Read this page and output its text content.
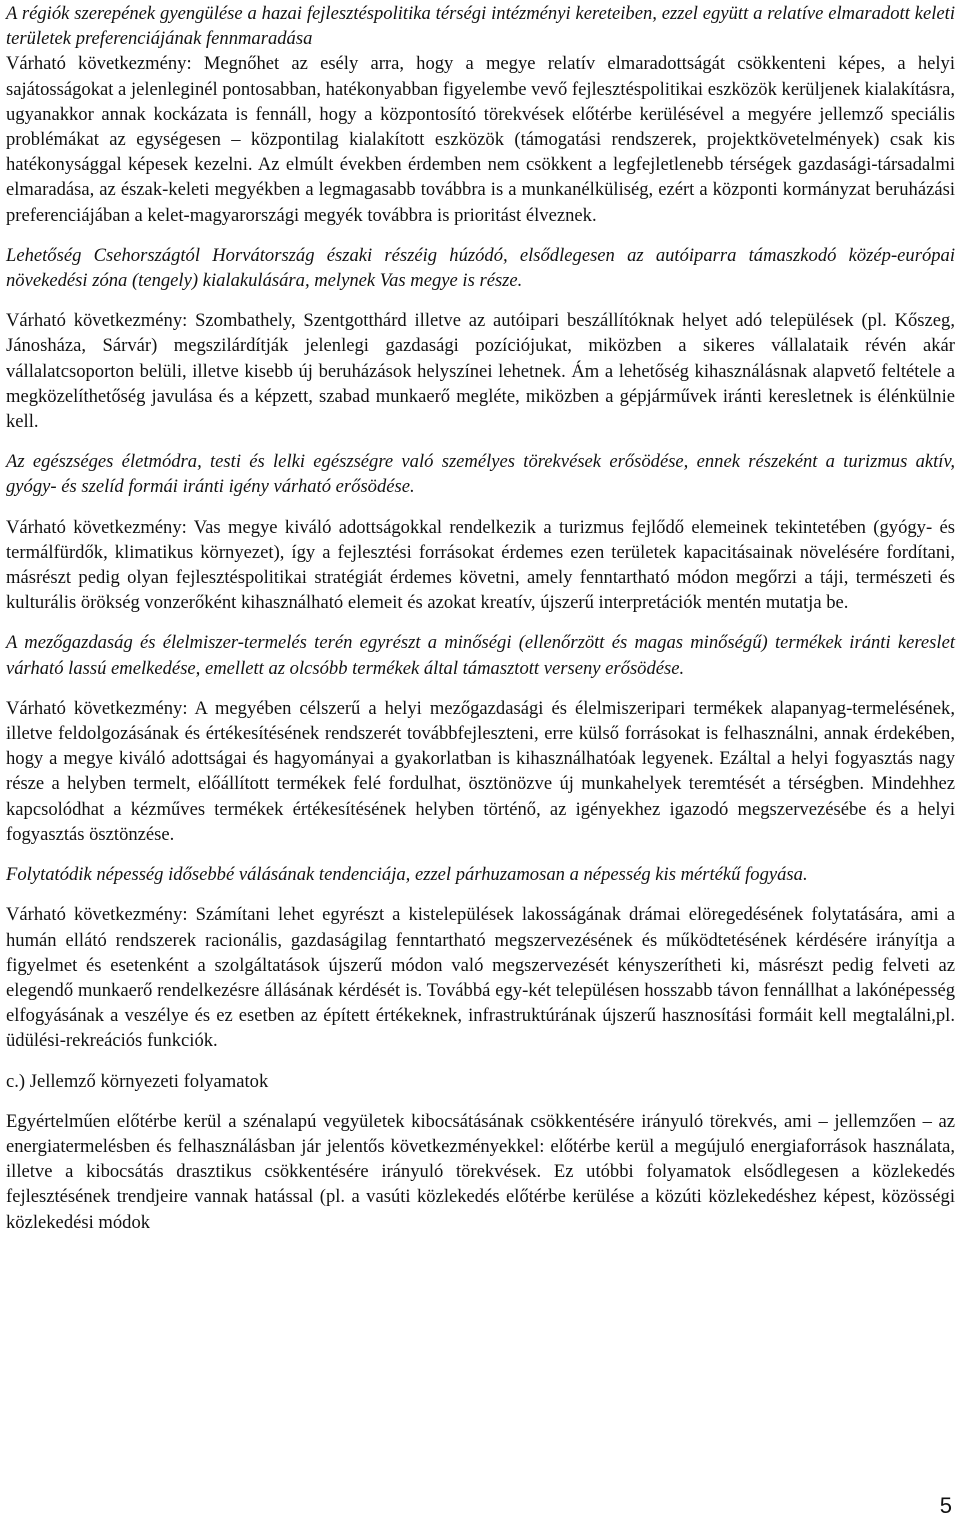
A régiók szerepének gyengülése a hazai fejlesztéspolitika térségi intézményi kereteiben, ezzel együtt a relatíve elmaradott keleti területek preferenciájának fennmaradása

Várható következmény: Megnőhet az esély arra, hogy a megye relatív elmaradottságát csökkenteni képes, a helyi sajátosságokat a jelenleginél pontosabban, hatékonyabban figyelembe vevő fejlesztéspolitikai eszközök kerüljenek kialakításra, ugyanakkor annak kockázata is fennáll, hogy a központosító törekvések előtérbe kerülésével a megyére jellemző speciális problémákat az egységesen – központilag kialakított eszközök (támogatási rendszerek, projektkövetelmények) csak kis hatékonysággal képesek kezelni. Az elmúlt években érdemben nem csökkent a legfejletlenebb térségek gazdasági-társadalmi elmaradása, az észak-keleti megyékben a legmagasabb továbbra is a munkanélküliség, ezért a központi kormányzat beruházási preferenciájában a kelet-magyarországi megyék továbbra is prioritást élveznek.

Lehetőség Csehországtól Horvátország északi részéig húzódó, elsődlegesen az autóiparra támaszkodó közép-európai növekedési zóna (tengely) kialakulására, melynek Vas megye is része.

Várható következmény: Szombathely, Szentgotthárd illetve az autóipari beszállítóknak helyet adó települések (pl. Kőszeg, Jánosháza, Sárvár) megszilárdítják jelenlegi gazdasági pozíciójukat, miközben a sikeres vállalataik révén akár vállalatcsoporton belüli, illetve kisebb új beruházások helyszínei lehetnek. Ám a lehetőség kihasználásnak alapvető feltétele a megközelíthetőség javulása és a képzett, szabad munkaerő megléte, miközben a gépjárművek iránti keresletnek is élénkülnie kell.

Az egészséges életmódra, testi és lelki egészségre való személyes törekvések erősödése, ennek részeként a turizmus aktív, gyógy- és szelíd formái iránti igény várható erősödése.

Várható következmény: Vas megye kiváló adottságokkal rendelkezik a turizmus fejlődő elemeinek tekintetében (gyógy- és termálfürdők, klimatikus környezet), így a fejlesztési forrásokat érdemes ezen területek kapacitásainak növelésére fordítani, másrészt pedig olyan fejlesztéspolitikai stratégiát érdemes követni, amely fenntartható módon megőrzi a táji, természeti és kulturális örökség vonzerőként kihasználható elemeit és azokat kreatív, újszerű interpretációk mentén mutatja be.

A mezőgazdaság és élelmiszer-termelés terén egyrészt a minőségi (ellenőrzött és magas minőségű) termékek iránti kereslet várható lassú emelkedése, emellett az olcsóbb termékek által támasztott verseny erősödése.

Várható következmény: A megyében célszerű a helyi mezőgazdasági és élelmiszeripari termékek alapanyag-termelésének, illetve feldolgozásának és értékesítésének rendszerét továbbfejleszteni, erre külső forrásokat is felhasználni, annak érdekében, hogy a megye kiváló adottságai és hagyományai a gyakorlatban is kihasználhatóak legyenek. Ezáltal a helyi fogyasztás nagy része a helyben termelt, előállított termékek felé fordulhat, ösztönözve új munkahelyek teremtését a térségben. Mindehhez kapcsolódhat a kézműves termékek értékesítésének helyben történő, az igényekhez igazodó megszervezésébe és a helyi fogyasztás ösztönzése.

Folytatódik népesség idősebbé válásának tendenciája, ezzel párhuzamosan a népesség kis mértékű fogyása.

Várható következmény: Számítani lehet egyrészt a kistelepülések lakosságának drámai elöregedésének folytatására, ami a humán ellátó rendszerek racionális, gazdaságilag fenntartható megszervezésének és működtetésének kérdésére irányítja a figyelmet és esetenként a szolgáltatások újszerű módon való megszervezését kényszerítheti ki, másrészt pedig felveti az elegendő munkaerő rendelkezésre állásának kérdését is. Továbbá egy-két településen hosszabb távon fennállhat a lakónépesség elfogyásának a veszélye és ez esetben az épített értékeknek, infrastruktúrának újszerű hasznosítási formáit kell megtalálni,pl. üdülési-rekreációs funkciók.

c.) Jellemző környezeti folyamatok

Egyértelműen előtérbe kerül a szénalapú vegyületek kibocsátásának csökkentésére irányuló törekvés, ami – jellemzően – az energiatermelésben és felhasználásban jár jelentős következményekkel: előtérbe kerül a megújuló energiaforrások használata, illetve a kibocsátás drasztikus csökkentésére irányuló törekvések. Ez utóbbi folyamatok elsődlegesen a közlekedés fejlesztésének trendjeire vannak hatással (pl. a vasúti közlekedés előtérbe kerülése a közúti közlekedéshez képest, közösségi közlekedési módok

5
